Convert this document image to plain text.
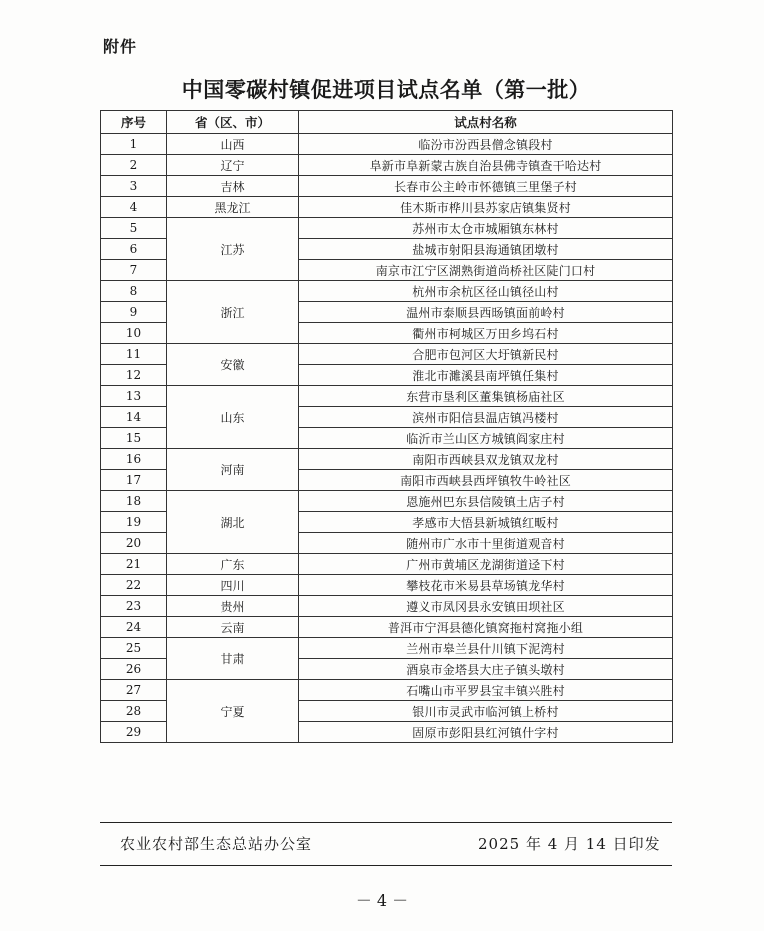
附件
中国零碳村镇促进项目试点名单（第一批）
序号	省（区、市）	试点村名称
1	山西	临汾市汾西县僧念镇段村
2	辽宁	阜新市阜新蒙古族自治县佛寺镇查干哈达村
3	吉林	长春市公主岭市怀德镇三里堡子村
4	黑龙江	佳木斯市桦川县苏家店镇集贤村
5	江苏	苏州市太仓市城厢镇东林村
6		盐城市射阳县海通镇团墩村
7		南京市江宁区湖熟街道尚桥社区陡门口村
8	浙江	杭州市余杭区径山镇径山村
9		温州市泰顺县西旸镇面前岭村
10		衢州市柯城区万田乡坞石村
11	安徽	合肥市包河区大圩镇新民村
12		淮北市濉溪县南坪镇任集村
13	山东	东营市垦利区董集镇杨庙社区
14		滨州市阳信县温店镇冯楼村
15		临沂市兰山区方城镇阎家庄村
16	河南	南阳市西峡县双龙镇双龙村
17		南阳市西峡县西坪镇牧牛岭社区
18	湖北	恩施州巴东县信陵镇土店子村
19		孝感市大悟县新城镇红畈村
20		随州市广水市十里街道观音村
21	广东	广州市黄埔区龙湖街道迳下村
22	四川	攀枝花市米易县草场镇龙华村
23	贵州	遵义市凤冈县永安镇田坝社区
24	云南	普洱市宁洱县德化镇窝拖村窝拖小组
25	甘肃	兰州市皋兰县什川镇下泥湾村
26		酒泉市金塔县大庄子镇头墩村
27	宁夏	石嘴山市平罗县宝丰镇兴胜村
28		银川市灵武市临河镇上桥村
29		固原市彭阳县红河镇什字村
农业农村部生态总站办公室	2025 年 4 月 14 日印发
－ 4 －
